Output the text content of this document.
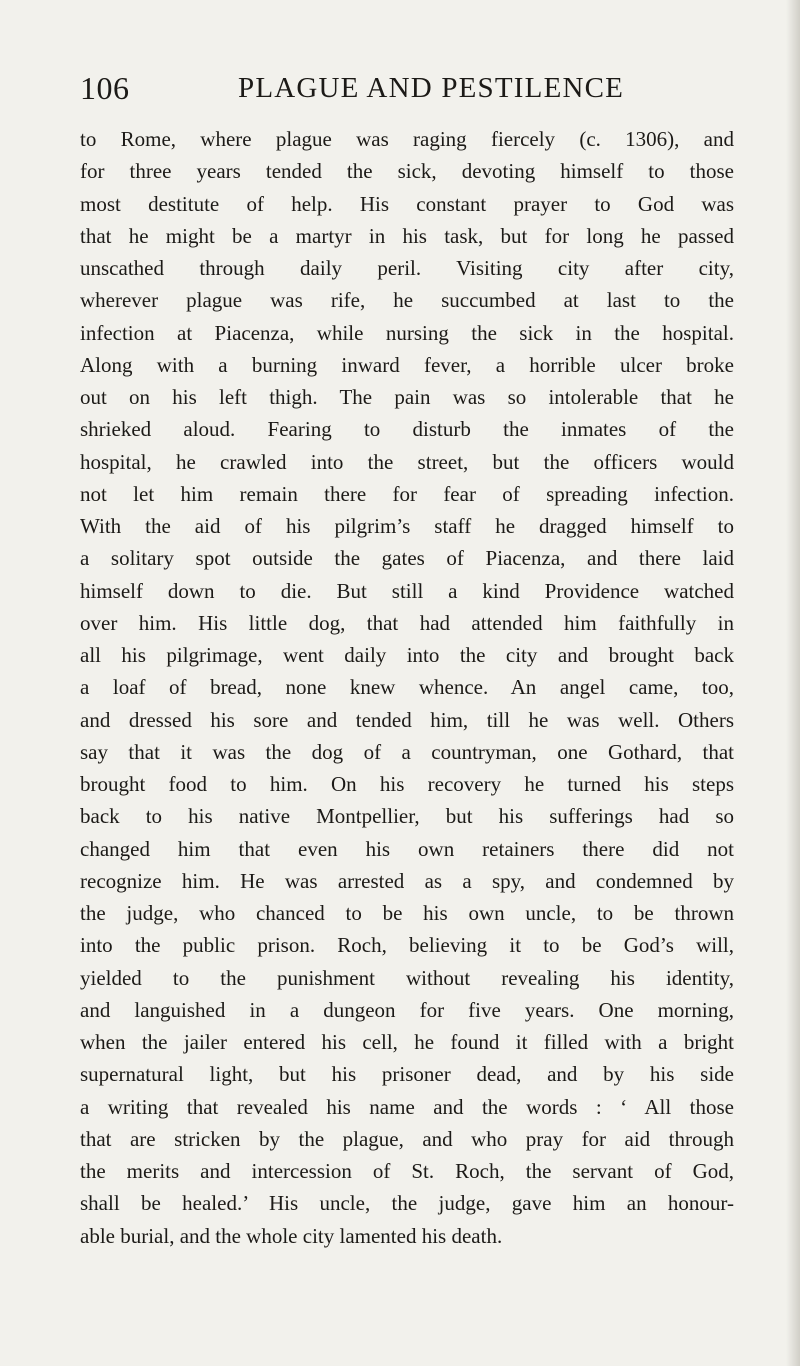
106	PLAGUE AND PESTILENCE
to Rome, where plague was raging fiercely (c. 1306), and
for three years tended the sick, devoting himself to those
most destitute of help. His constant prayer to God was
that he might be a martyr in his task, but for long he passed
unscathed through daily peril. Visiting city after city,
wherever plague was rife, he succumbed at last to the
infection at Piacenza, while nursing the sick in the hospital.
Along with a burning inward fever, a horrible ulcer broke
out on his left thigh. The pain was so intolerable that he
shrieked aloud. Fearing to disturb the inmates of the
hospital, he crawled into the street, but the officers would
not let him remain there for fear of spreading infection.
With the aid of his pilgrim’s staff he dragged himself to
a solitary spot outside the gates of Piacenza, and there laid
himself down to die. But still a kind Providence watched
over him. His little dog, that had attended him faithfully in
all his pilgrimage, went daily into the city and brought back
a loaf of bread, none knew whence. An angel came, too,
and dressed his sore and tended him, till he was well. Others
say that it was the dog of a countryman, one Gothard, that
brought food to him. On his recovery he turned his steps
back to his native Montpellier, but his sufferings had so
changed him that even his own retainers there did not
recognize him. He was arrested as a spy, and condemned by
the judge, who chanced to be his own uncle, to be thrown
into the public prison. Roch, believing it to be God’s will,
yielded to the punishment without revealing his identity,
and languished in a dungeon for five years. One morning,
when the jailer entered his cell, he found it filled with a bright
supernatural light, but his prisoner dead, and by his side
a writing that revealed his name and the words : ‘ All those
that are stricken by the plague, and who pray for aid through
the merits and intercession of St. Roch, the servant of God,
shall be healed.’ His uncle, the judge, gave him an honour-
able burial, and the whole city lamented his death.
